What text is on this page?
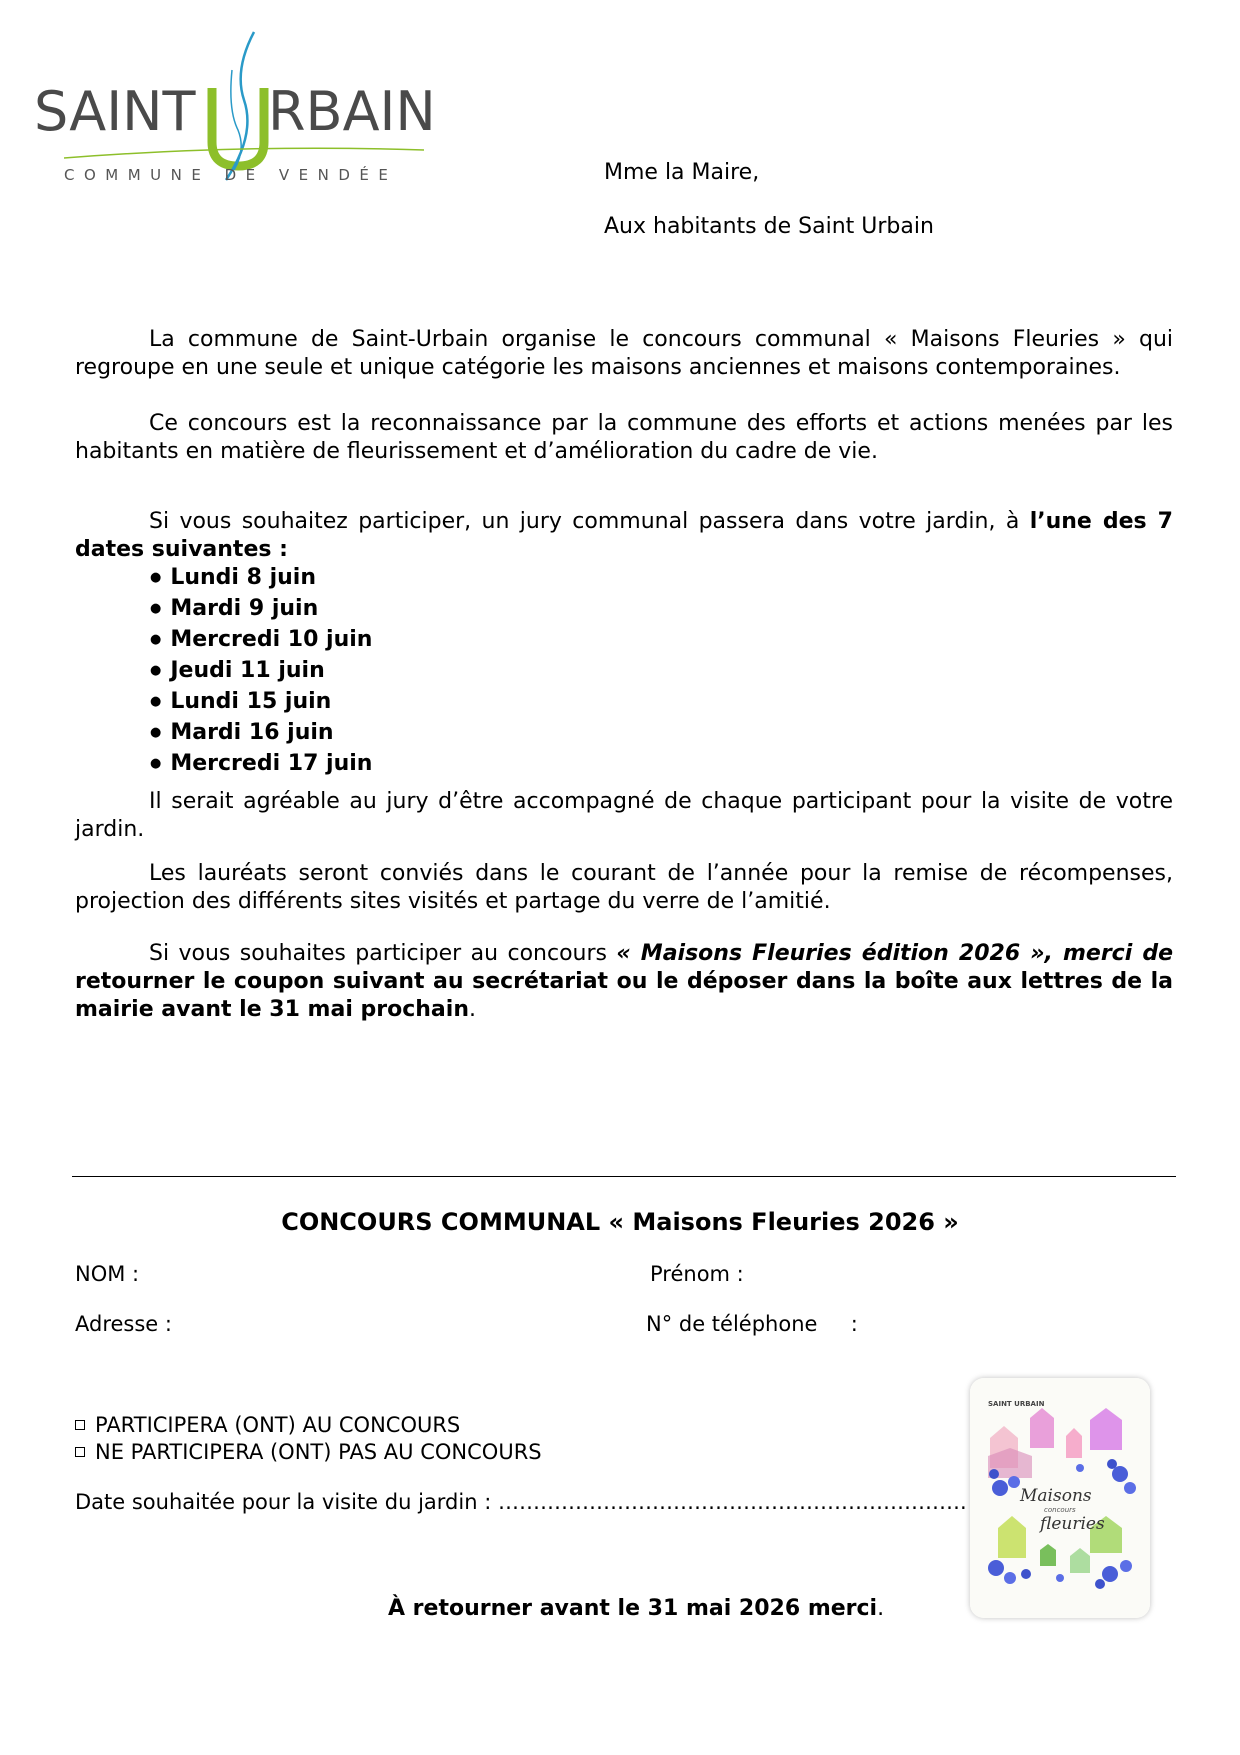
SAINT RBAIN
COMMUNE DE VENDÉE	Mme la Maire,
Aux habitants de Saint Urbain

La commune de Saint-Urbain organise le concours communal « Maisons Fleuries » qui regroupe en une seule et unique catégorie les maisons anciennes et maisons contemporaines.

Ce concours est la reconnaissance par la commune des efforts et actions menées par les habitants en matière de fleurissement et d’amélioration du cadre de vie.

Si vous souhaitez participer, un jury communal passera dans votre jardin, à l’une des 7 dates suivantes :

● Lundi 8 juin
● Mardi 9 juin
● Mercredi 10 juin
● Jeudi 11 juin
● Lundi 15 juin
● Mardi 16 juin
● Mercredi 17 juin

Il serait agréable au jury d’être accompagné de chaque participant pour la visite de votre jardin.

Les lauréats seront conviés dans le courant de l’année pour la remise de récompenses, projection des différents sites visités et partage du verre de l’amitié.

Si vous souhaites participer au concours « Maisons Fleuries édition 2026 », merci de retourner le coupon suivant au secrétariat ou le déposer dans la boîte aux lettres de la mairie avant le 31 mai prochain.

CONCOURS COMMUNAL « Maisons Fleuries 2026 »
NOM :	Prénom :
Adresse :	N° de téléphone     :
PARTICIPERA (ONT) AU CONCOURS
NE PARTICIPERA (ONT) PAS AU CONCOURS
Date souhaitée pour la visite du jardin : ………………………………………………………….
À retourner avant le 31 mai 2026 merci.
SAINT URBAIN
Maisons
concours
fleuries
